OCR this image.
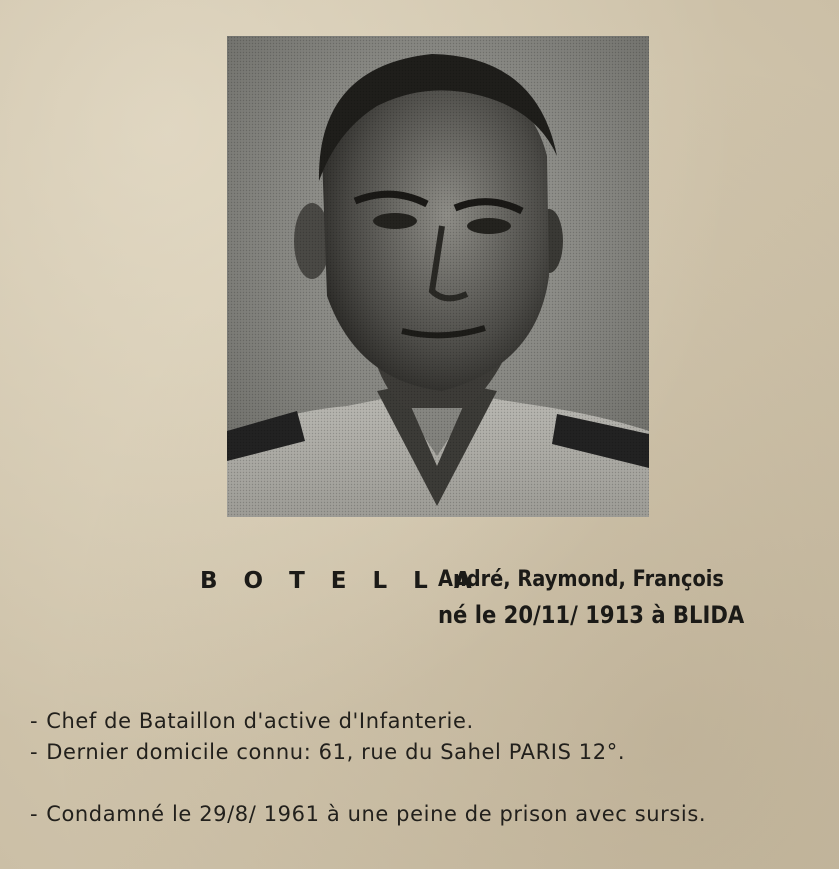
B O T E L L A
André, Raymond, François
né le 20/11/ 1913 à BLIDA
- Chef de Bataillon d'active d'Infanterie.
- Dernier domicile connu: 61, rue du Sahel PARIS 12°.
- Condamné le 29/8/ 1961 à une peine de prison avec sursis.
